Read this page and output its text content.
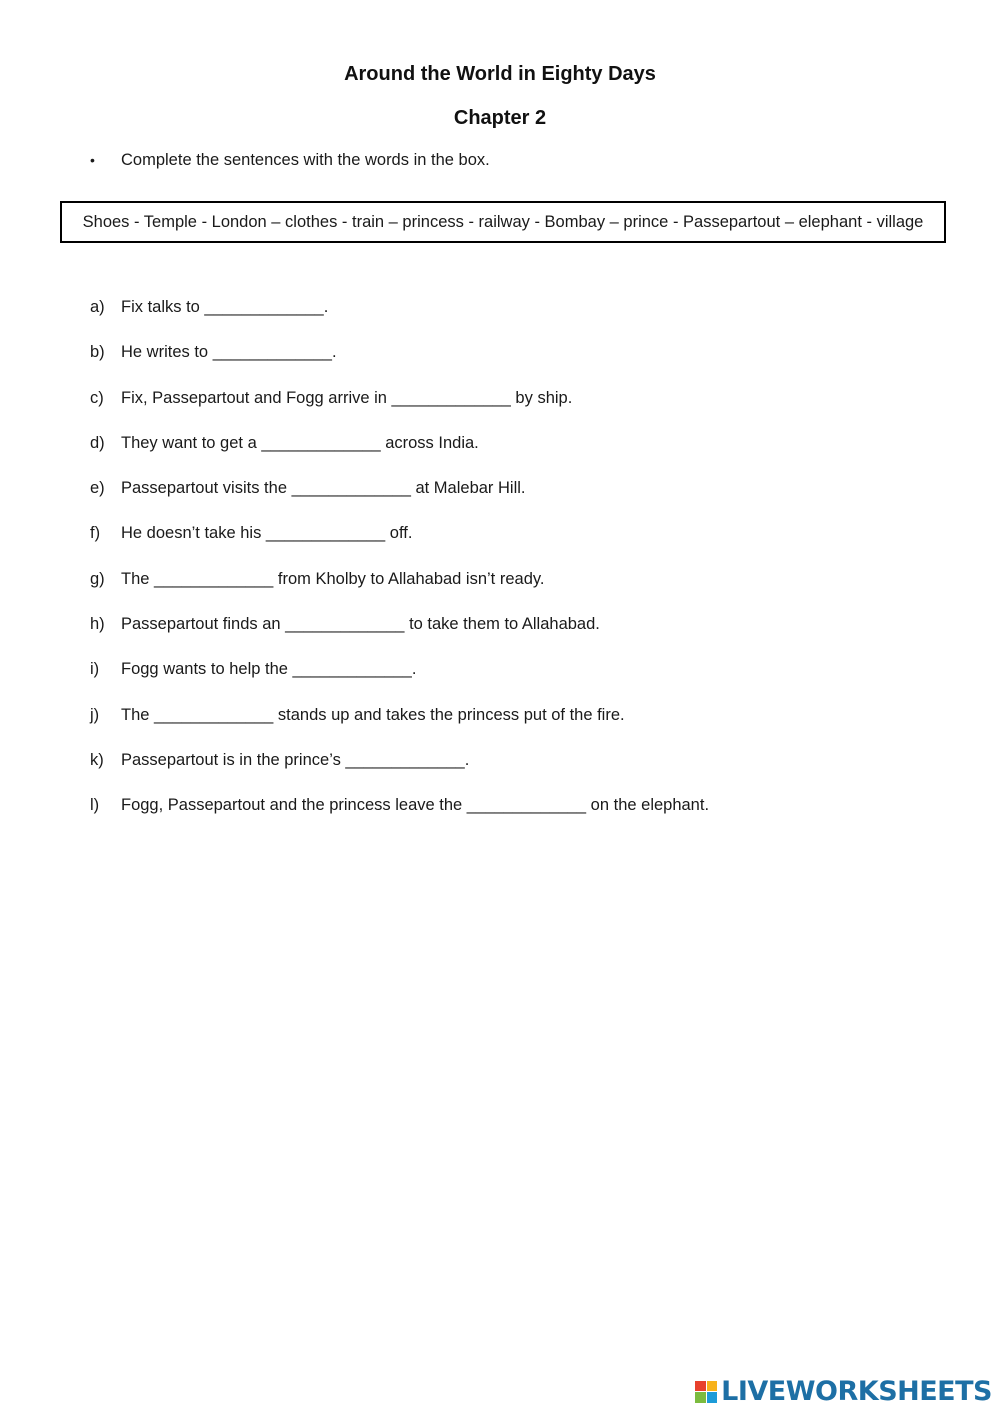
Around the World in Eighty Days
Chapter 2
• Complete the sentences with the words in the box.
Shoes - Temple - London – clothes - train – princess - railway - Bombay – prince - Passepartout – elephant - village
a) Fix talks to _____________.
b) He writes to _____________.
c)	Fix, Passepartout and Fogg arrive in _____________ by ship.
d) They want to get a _____________ across India.
e) Passepartout visits the _____________ at Malebar Hill.
f)	He doesn’t take his _____________ off.
g) The _____________ from Kholby to Allahabad isn’t ready.
h) Passepartout finds an _____________ to take them to Allahabad.
i)	Fogg wants to help the _____________.
j)	The _____________ stands up and takes the princess put of the fire.
k)	Passepartout is in the prince’s _____________.
l)	Fogg, Passepartout and the princess leave the _____________ on the elephant.
LIVEWORKSHEETS
